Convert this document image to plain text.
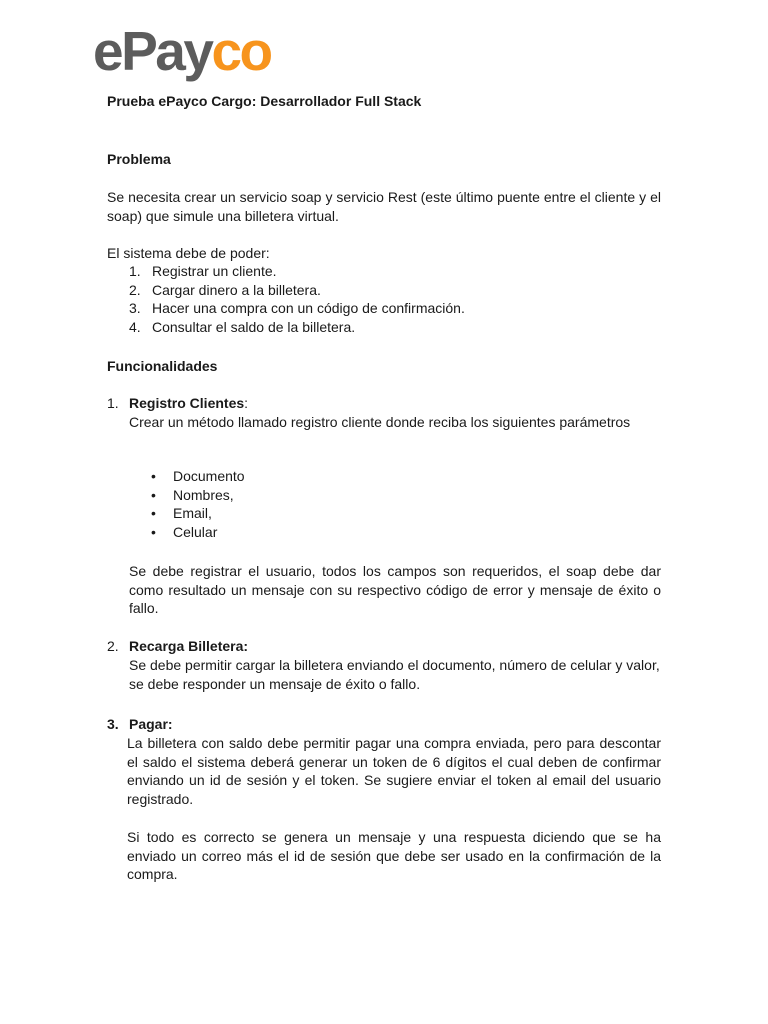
ePayco

Prueba ePayco Cargo: Desarrollador Full Stack

Problema

Se necesita crear un servicio soap y servicio Rest (este último puente entre el cliente y el soap) que simule una billetera virtual.

El sistema debe de poder:

1. Registrar un cliente.
2. Cargar dinero a la billetera.
3. Hacer una compra con un código de confirmación.
4. Consultar el saldo de la billetera.

Funcionalidades

1. Registro Clientes:

Crear un método llamado registro cliente donde reciba los siguientes parámetros

• Documento
• Nombres,
• Email,
• Celular

Se debe registrar el usuario, todos los campos son requeridos, el soap debe dar como resultado un mensaje con su respectivo código de error y mensaje de éxito o fallo.

2. Recarga Billetera:

Se debe permitir cargar la billetera enviando el documento, número de celular y valor, se debe responder un mensaje de éxito o fallo.

3. Pagar:

La billetera con saldo debe permitir pagar una compra enviada, pero para descontar el saldo el sistema deberá generar un token de 6 dígitos el cual deben de confirmar enviando un id de sesión y el token. Se sugiere enviar el token al email del usuario registrado.

Si todo es correcto se genera un mensaje y una respuesta diciendo que se ha enviado un correo más el id de sesión que debe ser usado en la confirmación de la compra.
